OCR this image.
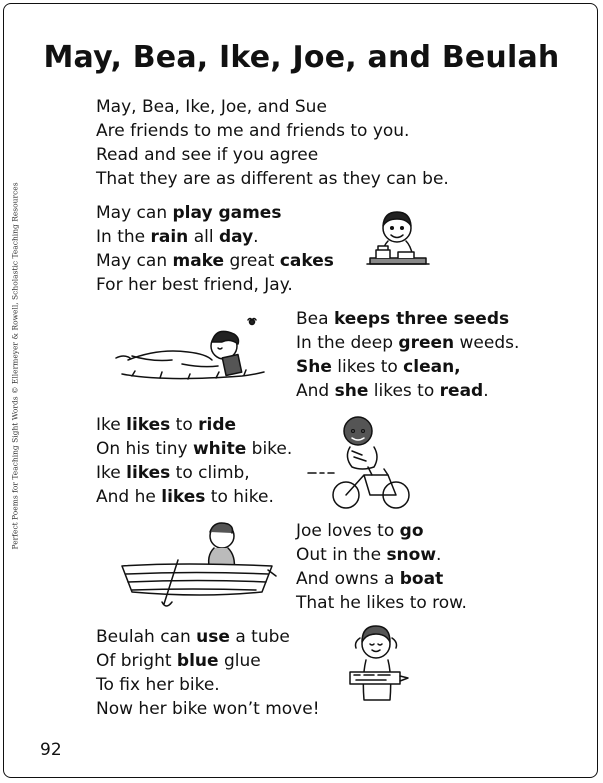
May, Bea, Ike, Joe, and Beulah
May, Bea, Ike, Joe, and Sue
Are friends to me and friends to you.
Read and see if you agree
That they are as different as they can be.
May can play games
In the rain all day.
May can make great cakes
For her best friend, Jay.
Bea keeps three seeds
In the deep green weeds.
She likes to clean,
And she likes to read.
Ike likes to ride
On his tiny white bike.
Ike likes to climb,
And he likes to hike.
Joe loves to go
Out in the snow.
And owns a boat
That he likes to row.
Beulah can use a tube
Of bright blue glue
To fix her bike.
Now her bike won’t move!
Perfect Poems for Teaching Sight Words © Ellermeyer & Rowell, Scholastic Teaching Resources
92
